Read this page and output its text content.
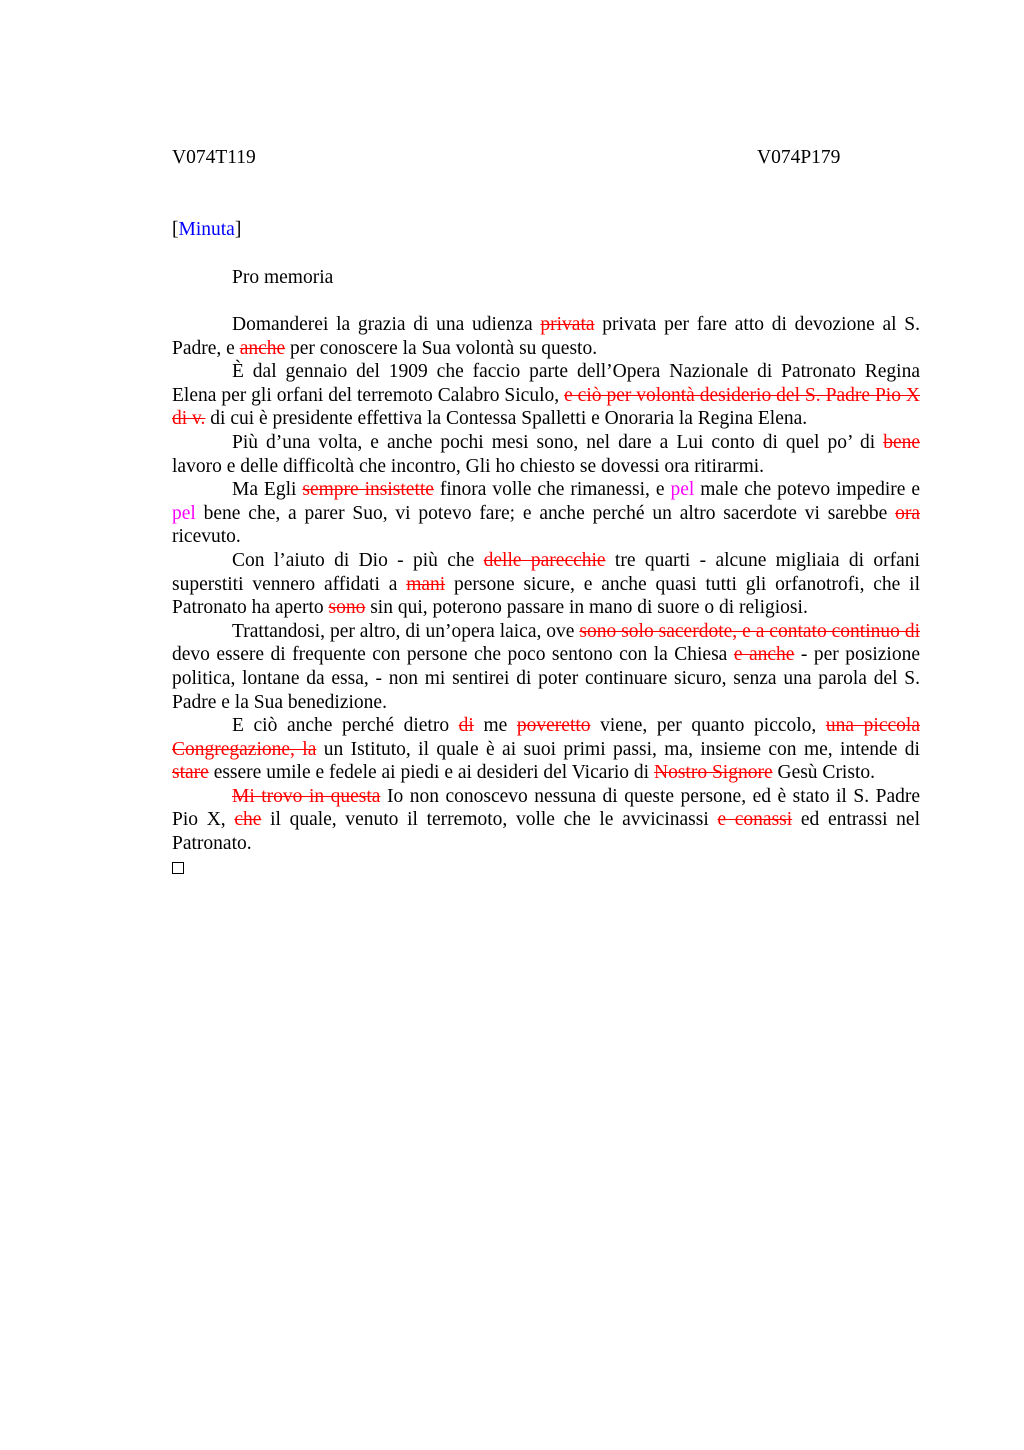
V074T119	V074P179
[Minuta]
Pro memoria

Domanderei la grazia di una udienza privata privata per fare atto di devozione al S. Padre, e anche per conoscere la Sua volontà su questo.

È dal gennaio del 1909 che faccio parte dell’Opera Nazionale di Patronato Regina Elena per gli orfani del terremoto Calabro Siculo, e ciò per volontà desiderio del S. Padre Pio X di v. di cui è presidente effettiva la Contessa Spalletti e Onoraria la Regina Elena.

Più d’una volta, e anche pochi mesi sono, nel dare a Lui conto di quel po’ di bene lavoro e delle difficoltà che incontro, Gli ho chiesto se dovessi ora ritirarmi.

Ma Egli sempre insistette finora volle che rimanessi, e pel male che potevo impedire e pel bene che, a parer Suo, vi potevo fare; e anche perché un altro sacerdote vi sarebbe ora ricevuto.

Con l’aiuto di Dio - più che delle parecchie tre quarti - alcune migliaia di orfani superstiti vennero affidati a mani persone sicure, e anche quasi tutti gli orfanotrofi, che il Patronato ha aperto sono sin qui, poterono passare in mano di suore o di religiosi.

Trattandosi, per altro, di un’opera laica, ove sono solo sacerdote, e a contato continuo di devo essere di frequente con persone che poco sentono con la Chiesa e anche - per posizione politica, lontane da essa, - non mi sentirei di poter continuare sicuro, senza una parola del S. Padre e la Sua benedizione.

E ciò anche perché dietro di me poveretto viene, per quanto piccolo, una piccola Congregazione, la un Istituto, il quale è ai suoi primi passi, ma, insieme con me, intende di stare essere umile e fedele ai piedi e ai desideri del Vicario di Nostro Signore Gesù Cristo.

Mi trovo in questa Io non conoscevo nessuna di queste persone, ed è stato il S. Padre Pio X, che il quale, venuto il terremoto, volle che le avvicinassi e conassi ed entrassi nel Patronato.
